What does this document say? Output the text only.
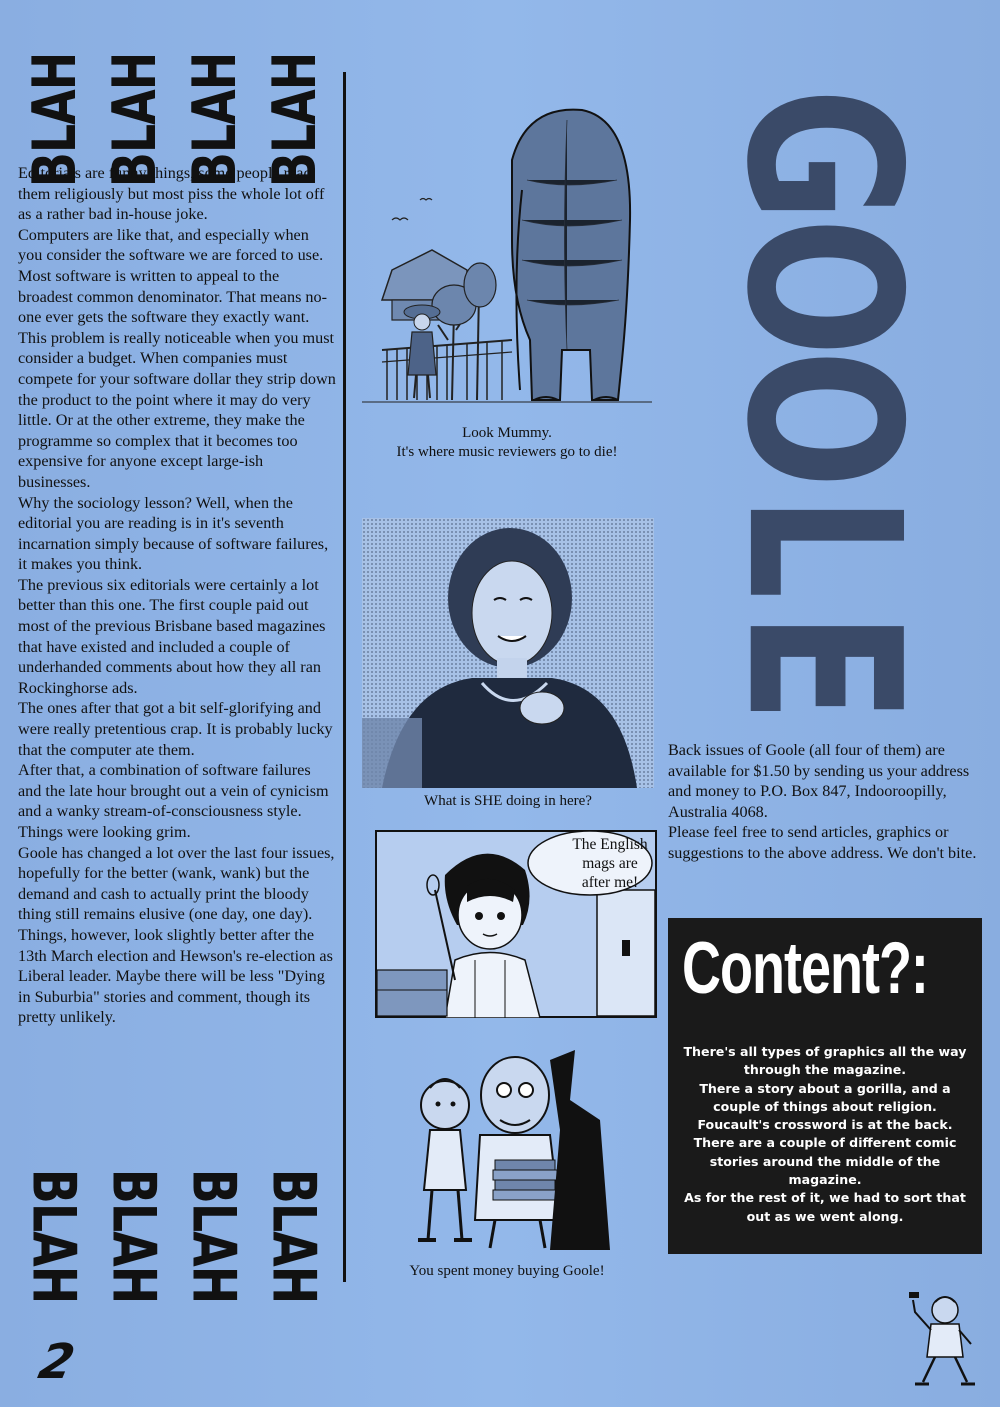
BLAH BLAH BLAH BLAH

Editorials are funny things, some people read them religiously but most piss the whole lot off as a rather bad in-house joke.

Computers are like that, and especially when you consider the software we are forced to use. Most software is written to appeal to the broadest common denominator. That means no-one ever gets the software they exactly want. This problem is really noticeable when you must consider a budget. When companies must compete for your software dollar they strip down the product to the point where it may do very little. Or at the other extreme, they make the programme so complex that it becomes too expensive for anyone except large-ish businesses.

Why the sociology lesson? Well, when the editorial you are reading is in it's seventh incarnation simply because of software failures, it makes you think.

The previous six editorials were certainly a lot better than this one. The first couple paid out most of the previous Brisbane based magazines that have existed and included a couple of underhanded comments about how they all ran Rockinghorse ads.

The ones after that got a bit self-glorifying and were really pretentious crap. It is probably lucky that the computer ate them.

After that, a combination of software failures and the late hour brought out a vein of cynicism and a wanky stream-of-consciousness style.

Things were looking grim.

Goole has changed a lot over the last four issues, hopefully for the better (wank, wank) but the demand and cash to actually print the bloody thing still remains elusive (one day, one day).

Things, however, look slightly better after the 13th March election and Hewson's re-election as Liberal leader. Maybe there will be less "Dying in Suburbia" stories and comment, though its pretty unlikely.

BLAH BLAH BLAH BLAH
2
Look Mummy.
It's where music reviewers go to die!
What is SHE doing in here?
The English
mags are
after me!
You spent money buying Goole!
G
O
O
L
E

Back issues of Goole (all four of them) are available for $1.50 by sending us your address and money to P.O. Box 847, Indooroopilly, Australia 4068.

Please feel free to send articles, graphics or suggestions to the above address. We don't bite.

Content?:

There's all types of graphics all the way through the magazine.

There a story about a gorilla, and a couple of things about religion.

Foucault's crossword is at the back.

There are a couple of different comic stories around the middle of the magazine.

As for the rest of it, we had to sort that out as we went along.
